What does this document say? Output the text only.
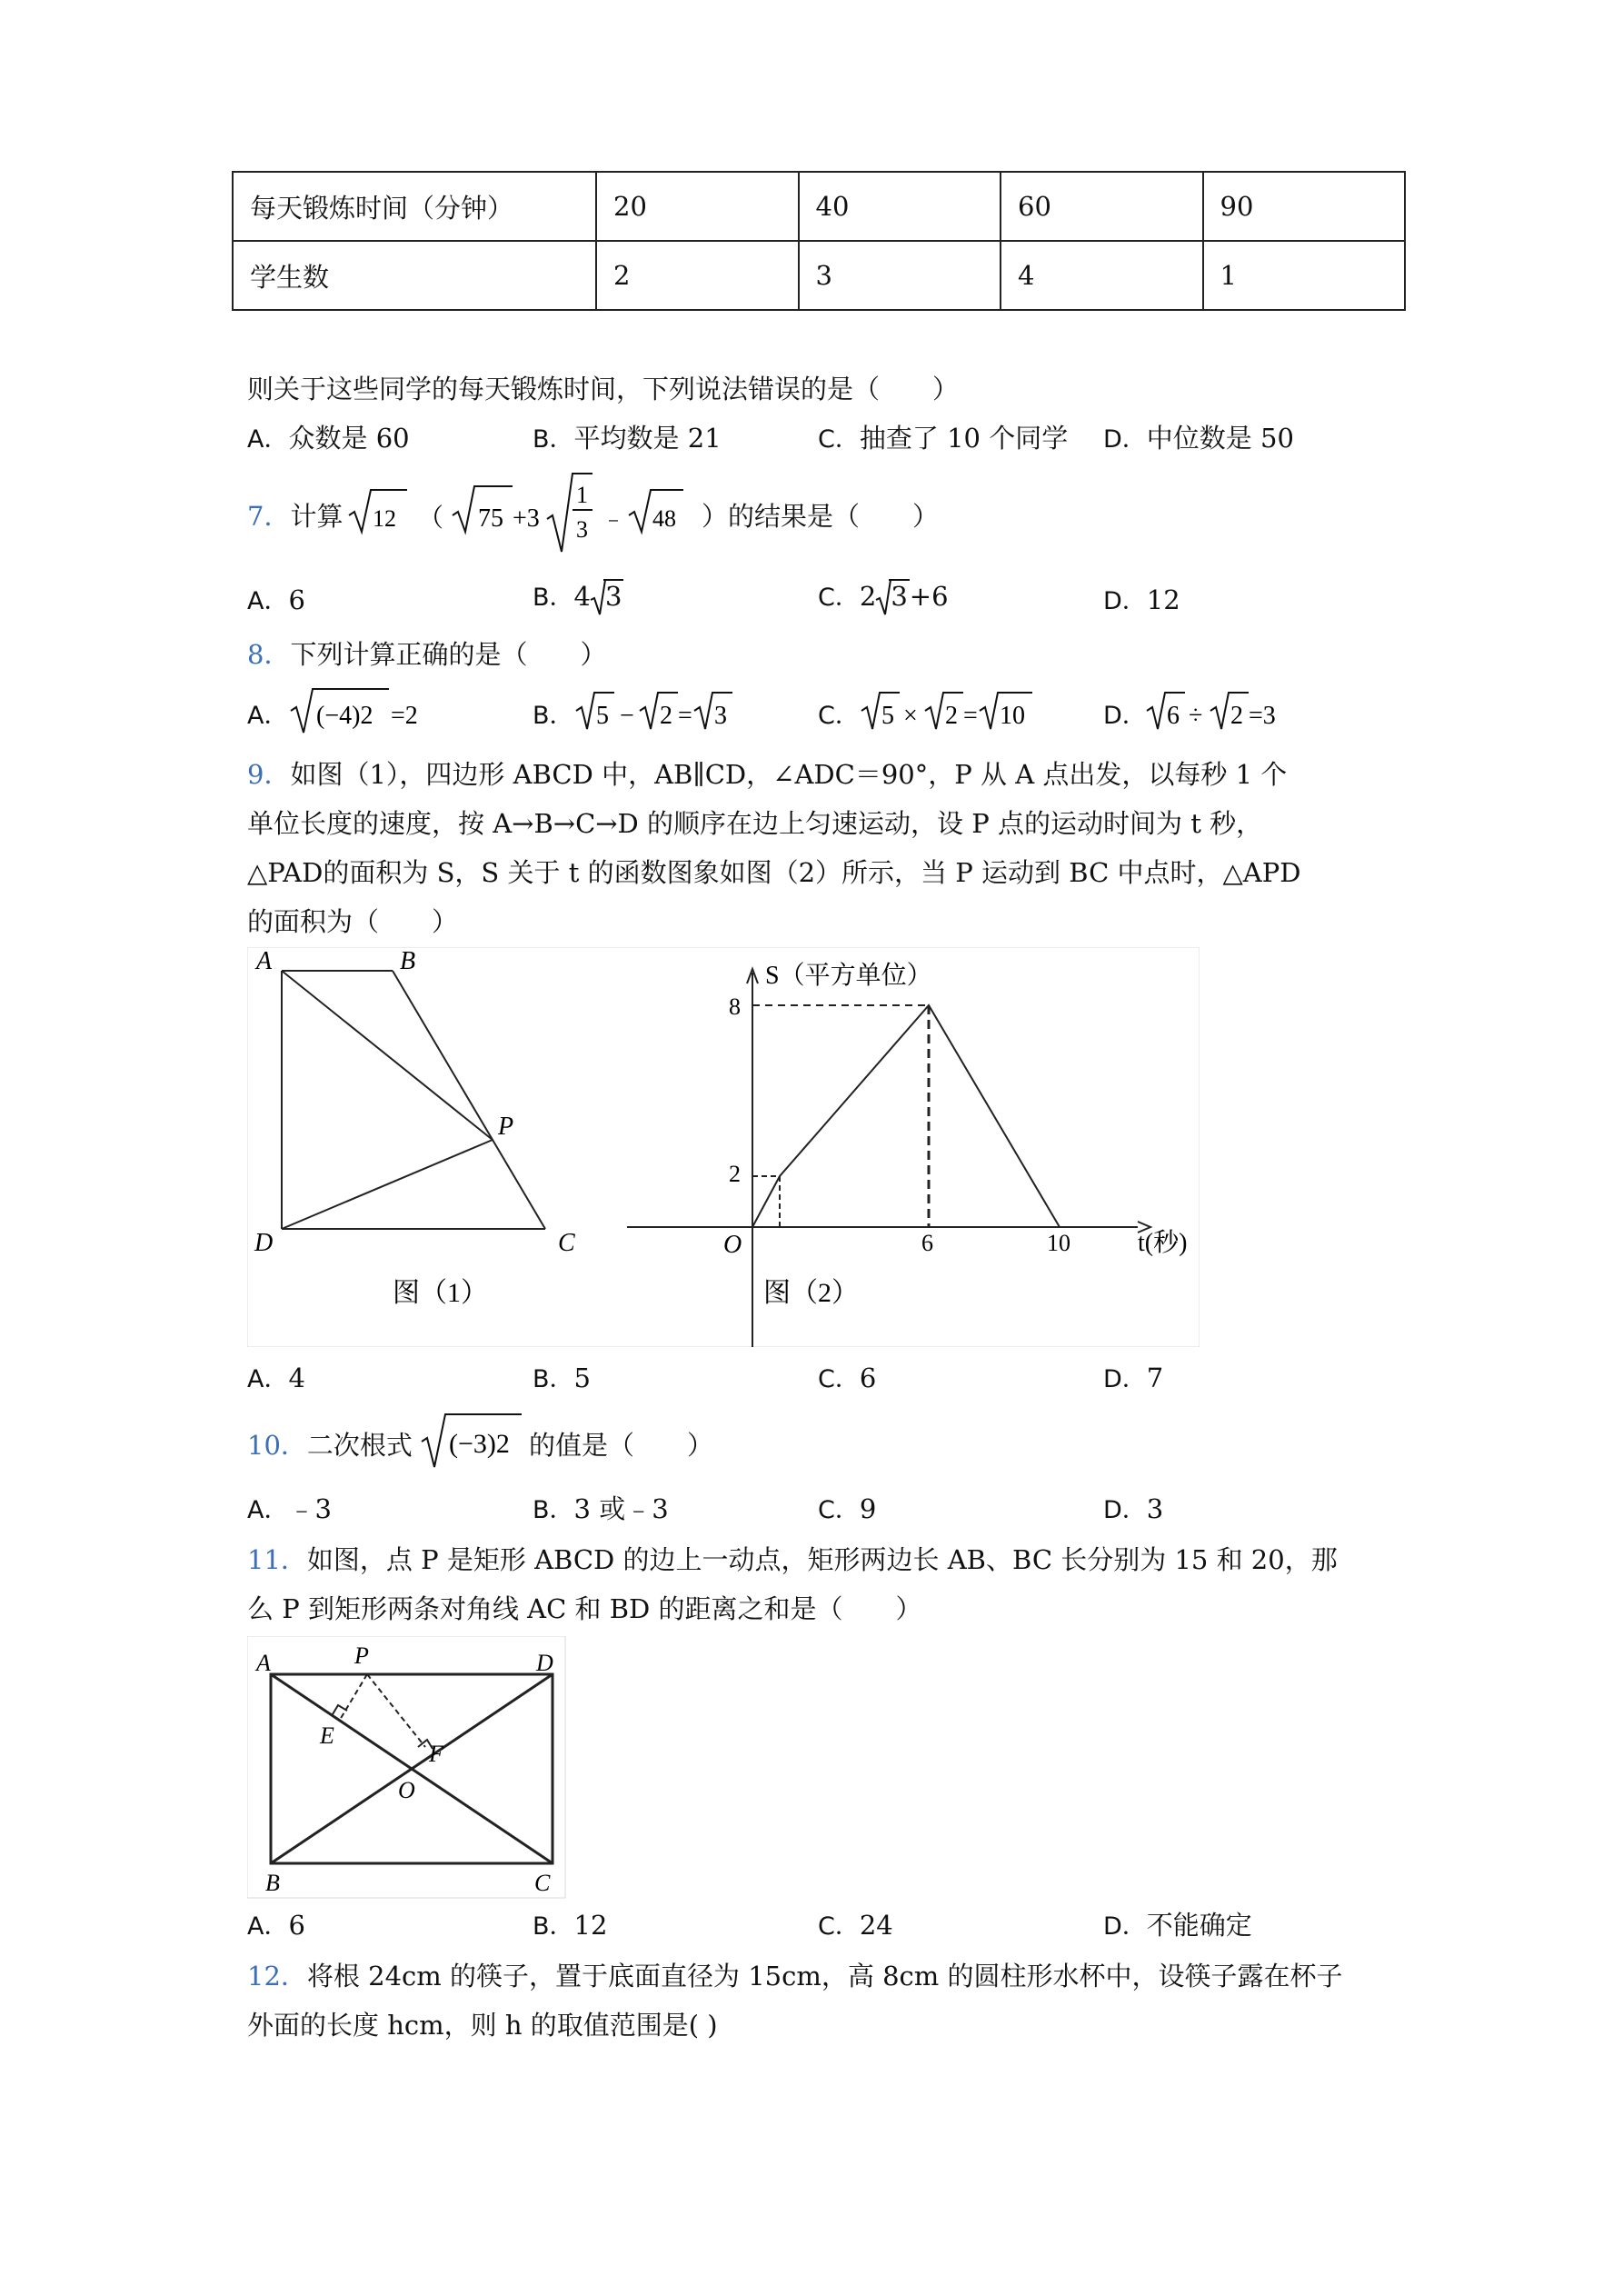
每天锻炼时间（分钟）	20	40	60	90
学生数	2	3	4	1
则关于这些同学的每天锻炼时间，下列说法错误的是（　　）
A．众数是 60	B．平均数是 21	C．抽查了 10 个同学 D．中位数是 50
7．计算 12 （ 75 +3
1
3 ﹣ 48 ）的结果是（　　）
A．6	B．4 3	C．2 3+6	D．12
8．下列计算正确的是（　　）
A． (−4)2 =2	B． 5 − 2 = 3	C． 5 × 2 = 10	D． 6 ÷ 2 =3
9．如图（1），四边形 ABCD 中，AB∥CD，∠ADC＝90°，P 从 A 点出发，以每秒 1 个
单位长度的速度，按 A→B→C→D 的顺序在边上匀速运动，设 P 点的运动时间为 t 秒，
△PAD的面积为 S，S 关于 t 的函数图象如图（2）所示，当 P 运动到 BC 中点时，△APD
的面积为（　　）
A	B
P
D	C
图（1）
S（平方单位）
t(秒)
O
8
2
6	10
图（2）
A．4	B．5	C．6	D．7
10．二次根式 (−3)2 的值是（　　）
A．﹣3	B．3 或﹣3	C．9	D．3
11．如图，点 P 是矩形 ABCD 的边上一动点，矩形两边长 AB、BC 长分别为 15 和 20，那
么 P 到矩形两条对角线 AC 和 BD 的距离之和是（　　）
A	P	D
E
F
O
B	C
A．6	B．12	C．24	D．不能确定
12．将根 24cm 的筷子，置于底面直径为 15cm，高 8cm 的圆柱形水杯中，设筷子露在杯子
外面的长度 hcm，则 h 的取值范围是( )
